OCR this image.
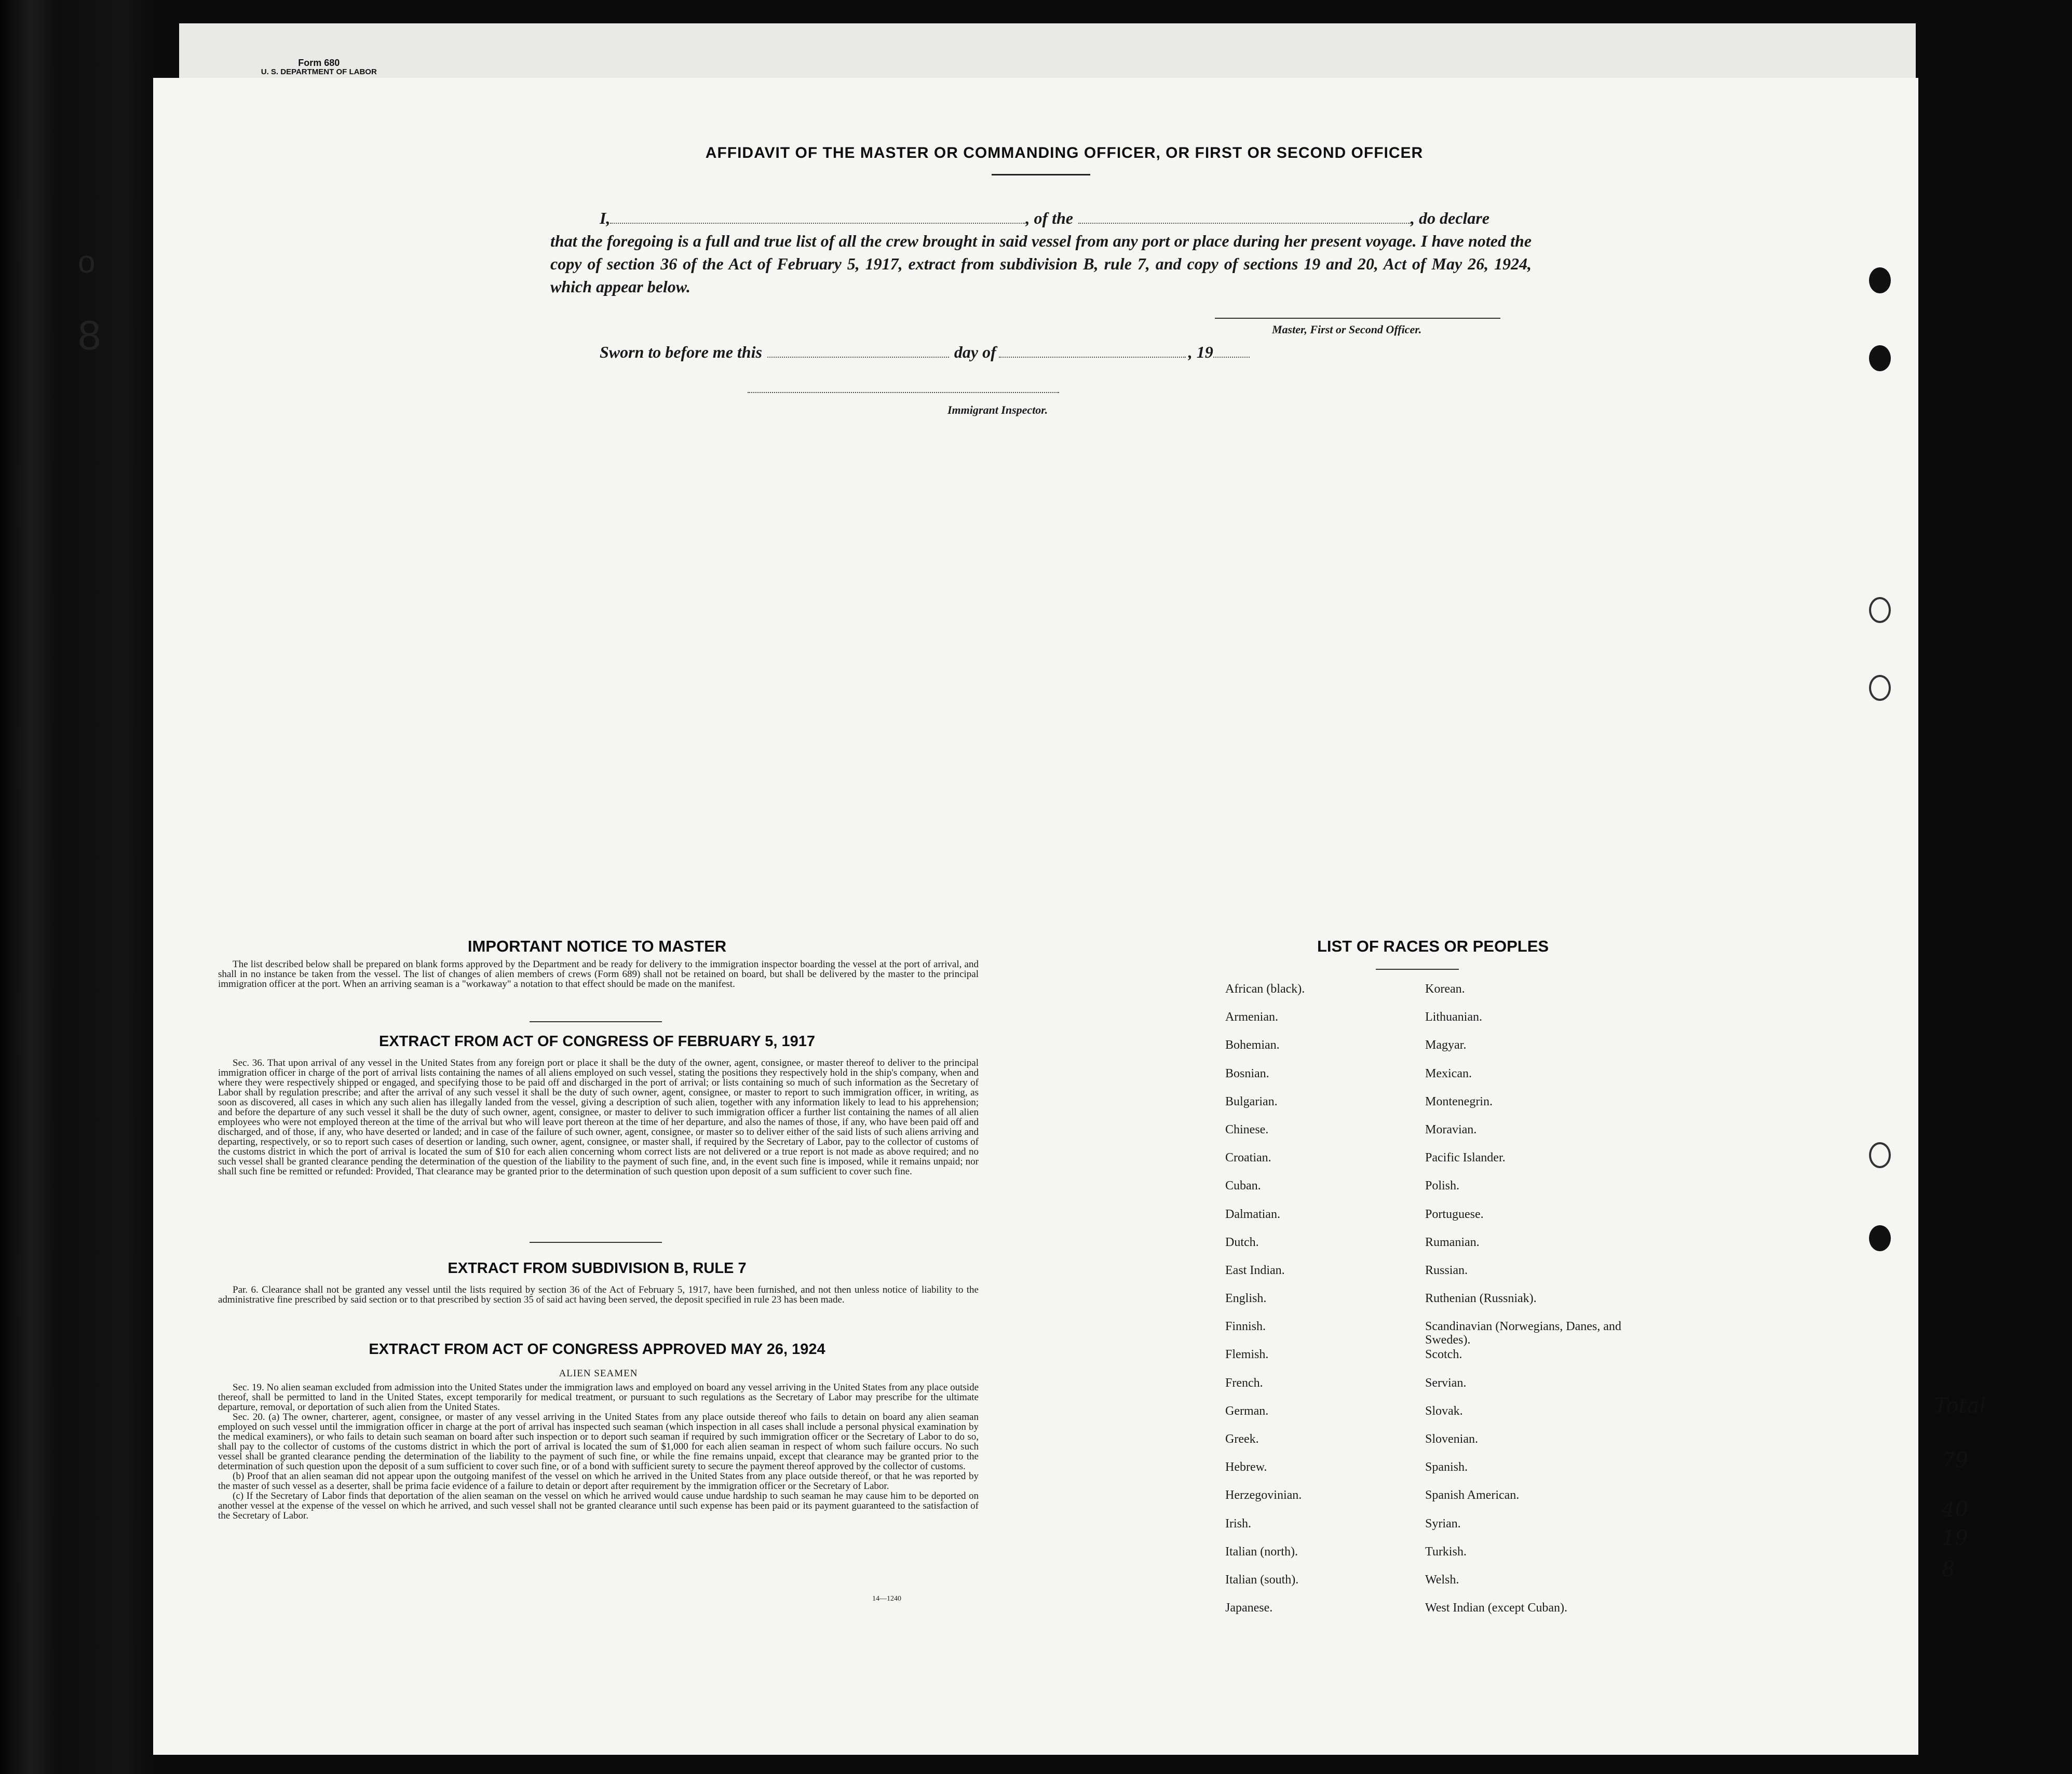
Form 680
U. S. DEPARTMENT OF LABOR
o
8
Total
79
40
19
8
AFFIDAVIT OF THE MASTER OR COMMANDING OFFICER, OR FIRST OR SECOND OFFICER
I,	, of the	, do declare
that the foregoing is a full and true list of all the crew brought in said vessel from any port or place during her present voyage. I have noted the copy of section 36 of the Act of February 5, 1917, extract from subdivision B, rule 7, and copy of sections 19 and 20, Act of May 26, 1924, which appear below.
Master, First or Second Officer.
Sworn to before me this	day of	, 19
Immigrant Inspector.
IMPORTANT NOTICE TO MASTER

The list described below shall be prepared on blank forms approved by the Department and be ready for delivery to the immigration inspector boarding the vessel at the port of arrival, and shall in no instance be taken from the vessel. The list of changes of alien members of crews (Form 689) shall not be retained on board, but shall be delivered by the master to the principal immigration officer at the port. When an arriving seaman is a "workaway" a notation to that effect should be made on the manifest.

EXTRACT FROM ACT OF CONGRESS OF FEBRUARY 5, 1917

Sec. 36. That upon arrival of any vessel in the United States from any foreign port or place it shall be the duty of the owner, agent, consignee, or master thereof to deliver to the principal immigration officer in charge of the port of arrival lists containing the names of all aliens employed on such vessel, stating the positions they respectively hold in the ship's company, when and where they were respectively shipped or engaged, and specifying those to be paid off and discharged in the port of arrival; or lists containing so much of such information as the Secretary of Labor shall by regulation prescribe; and after the arrival of any such vessel it shall be the duty of such owner, agent, consignee, or master to report to such immigration officer, in writing, as soon as discovered, all cases in which any such alien has illegally landed from the vessel, giving a description of such alien, together with any information likely to lead to his apprehension; and before the departure of any such vessel it shall be the duty of such owner, agent, consignee, or master to deliver to such immigration officer a further list containing the names of all alien employees who were not employed thereon at the time of the arrival but who will leave port thereon at the time of her departure, and also the names of those, if any, who have been paid off and discharged, and of those, if any, who have deserted or landed; and in case of the failure of such owner, agent, consignee, or master so to deliver either of the said lists of such aliens arriving and departing, respectively, or so to report such cases of desertion or landing, such owner, agent, consignee, or master shall, if required by the Secretary of Labor, pay to the collector of customs of the customs district in which the port of arrival is located the sum of $10 for each alien concerning whom correct lists are not delivered or a true report is not made as above required; and no such vessel shall be granted clearance pending the determination of the question of the liability to the payment of such fine, and, in the event such fine is imposed, while it remains unpaid; nor shall such fine be remitted or refunded: Provided, That clearance may be granted prior to the determination of such question upon deposit of a sum sufficient to cover such fine.

EXTRACT FROM SUBDIVISION B, RULE 7

Par. 6. Clearance shall not be granted any vessel until the lists required by section 36 of the Act of February 5, 1917, have been furnished, and not then unless notice of liability to the administrative fine prescribed by said section or to that prescribed by section 35 of said act having been served, the deposit specified in rule 23 has been made.

EXTRACT FROM ACT OF CONGRESS APPROVED MAY 26, 1924
ALIEN SEAMEN

Sec. 19. No alien seaman excluded from admission into the United States under the immigration laws and employed on board any vessel arriving in the United States from any place outside thereof, shall be permitted to land in the United States, except temporarily for medical treatment, or pursuant to such regulations as the Secretary of Labor may prescribe for the ultimate departure, removal, or deportation of such alien from the United States.

Sec. 20. (a) The owner, charterer, agent, consignee, or master of any vessel arriving in the United States from any place outside thereof who fails to detain on board any alien seaman employed on such vessel until the immigration officer in charge at the port of arrival has inspected such seaman (which inspection in all cases shall include a personal physical examination by the medical examiners), or who fails to detain such seaman on board after such inspection or to deport such seaman if required by such immigration officer or the Secretary of Labor to do so, shall pay to the collector of customs of the customs district in which the port of arrival is located the sum of $1,000 for each alien seaman in respect of whom such failure occurs. No such vessel shall be granted clearance pending the determination of the liability to the payment of such fine, or while the fine remains unpaid, except that clearance may be granted prior to the determination of such question upon the deposit of a sum sufficient to cover such fine, or of a bond with sufficient surety to secure the payment thereof approved by the collector of customs.

(b) Proof that an alien seaman did not appear upon the outgoing manifest of the vessel on which he arrived in the United States from any place outside thereof, or that he was reported by the master of such vessel as a deserter, shall be prima facie evidence of a failure to detain or deport after requirement by the immigration officer or the Secretary of Labor.

(c) If the Secretary of Labor finds that deportation of the alien seaman on the vessel on which he arrived would cause undue hardship to such seaman he may cause him to be deported on another vessel at the expense of the vessel on which he arrived, and such vessel shall not be granted clearance until such expense has been paid or its payment guaranteed to the satisfaction of the Secretary of Labor.

14—1240
LIST OF RACES OR PEOPLES
African (black).	Korean.
Armenian.	Lithuanian.
Bohemian.	Magyar.
Bosnian.	Mexican.
Bulgarian.	Montenegrin.
Chinese.	Moravian.
Croatian.	Pacific Islander.
Cuban.	Polish.
Dalmatian.	Portuguese.
Dutch.	Rumanian.
East Indian.	Russian.
English.	Ruthenian (Russniak).
Finnish.	Scandinavian (Norwegians, Danes, and Swedes).
Flemish.	Scotch.
French.	Servian.
German.	Slovak.
Greek.	Slovenian.
Hebrew.	Spanish.
Herzegovinian.	Spanish American.
Irish.	Syrian.
Italian (north).	Turkish.
Italian (south).	Welsh.
Japanese.	West Indian (except Cuban).
